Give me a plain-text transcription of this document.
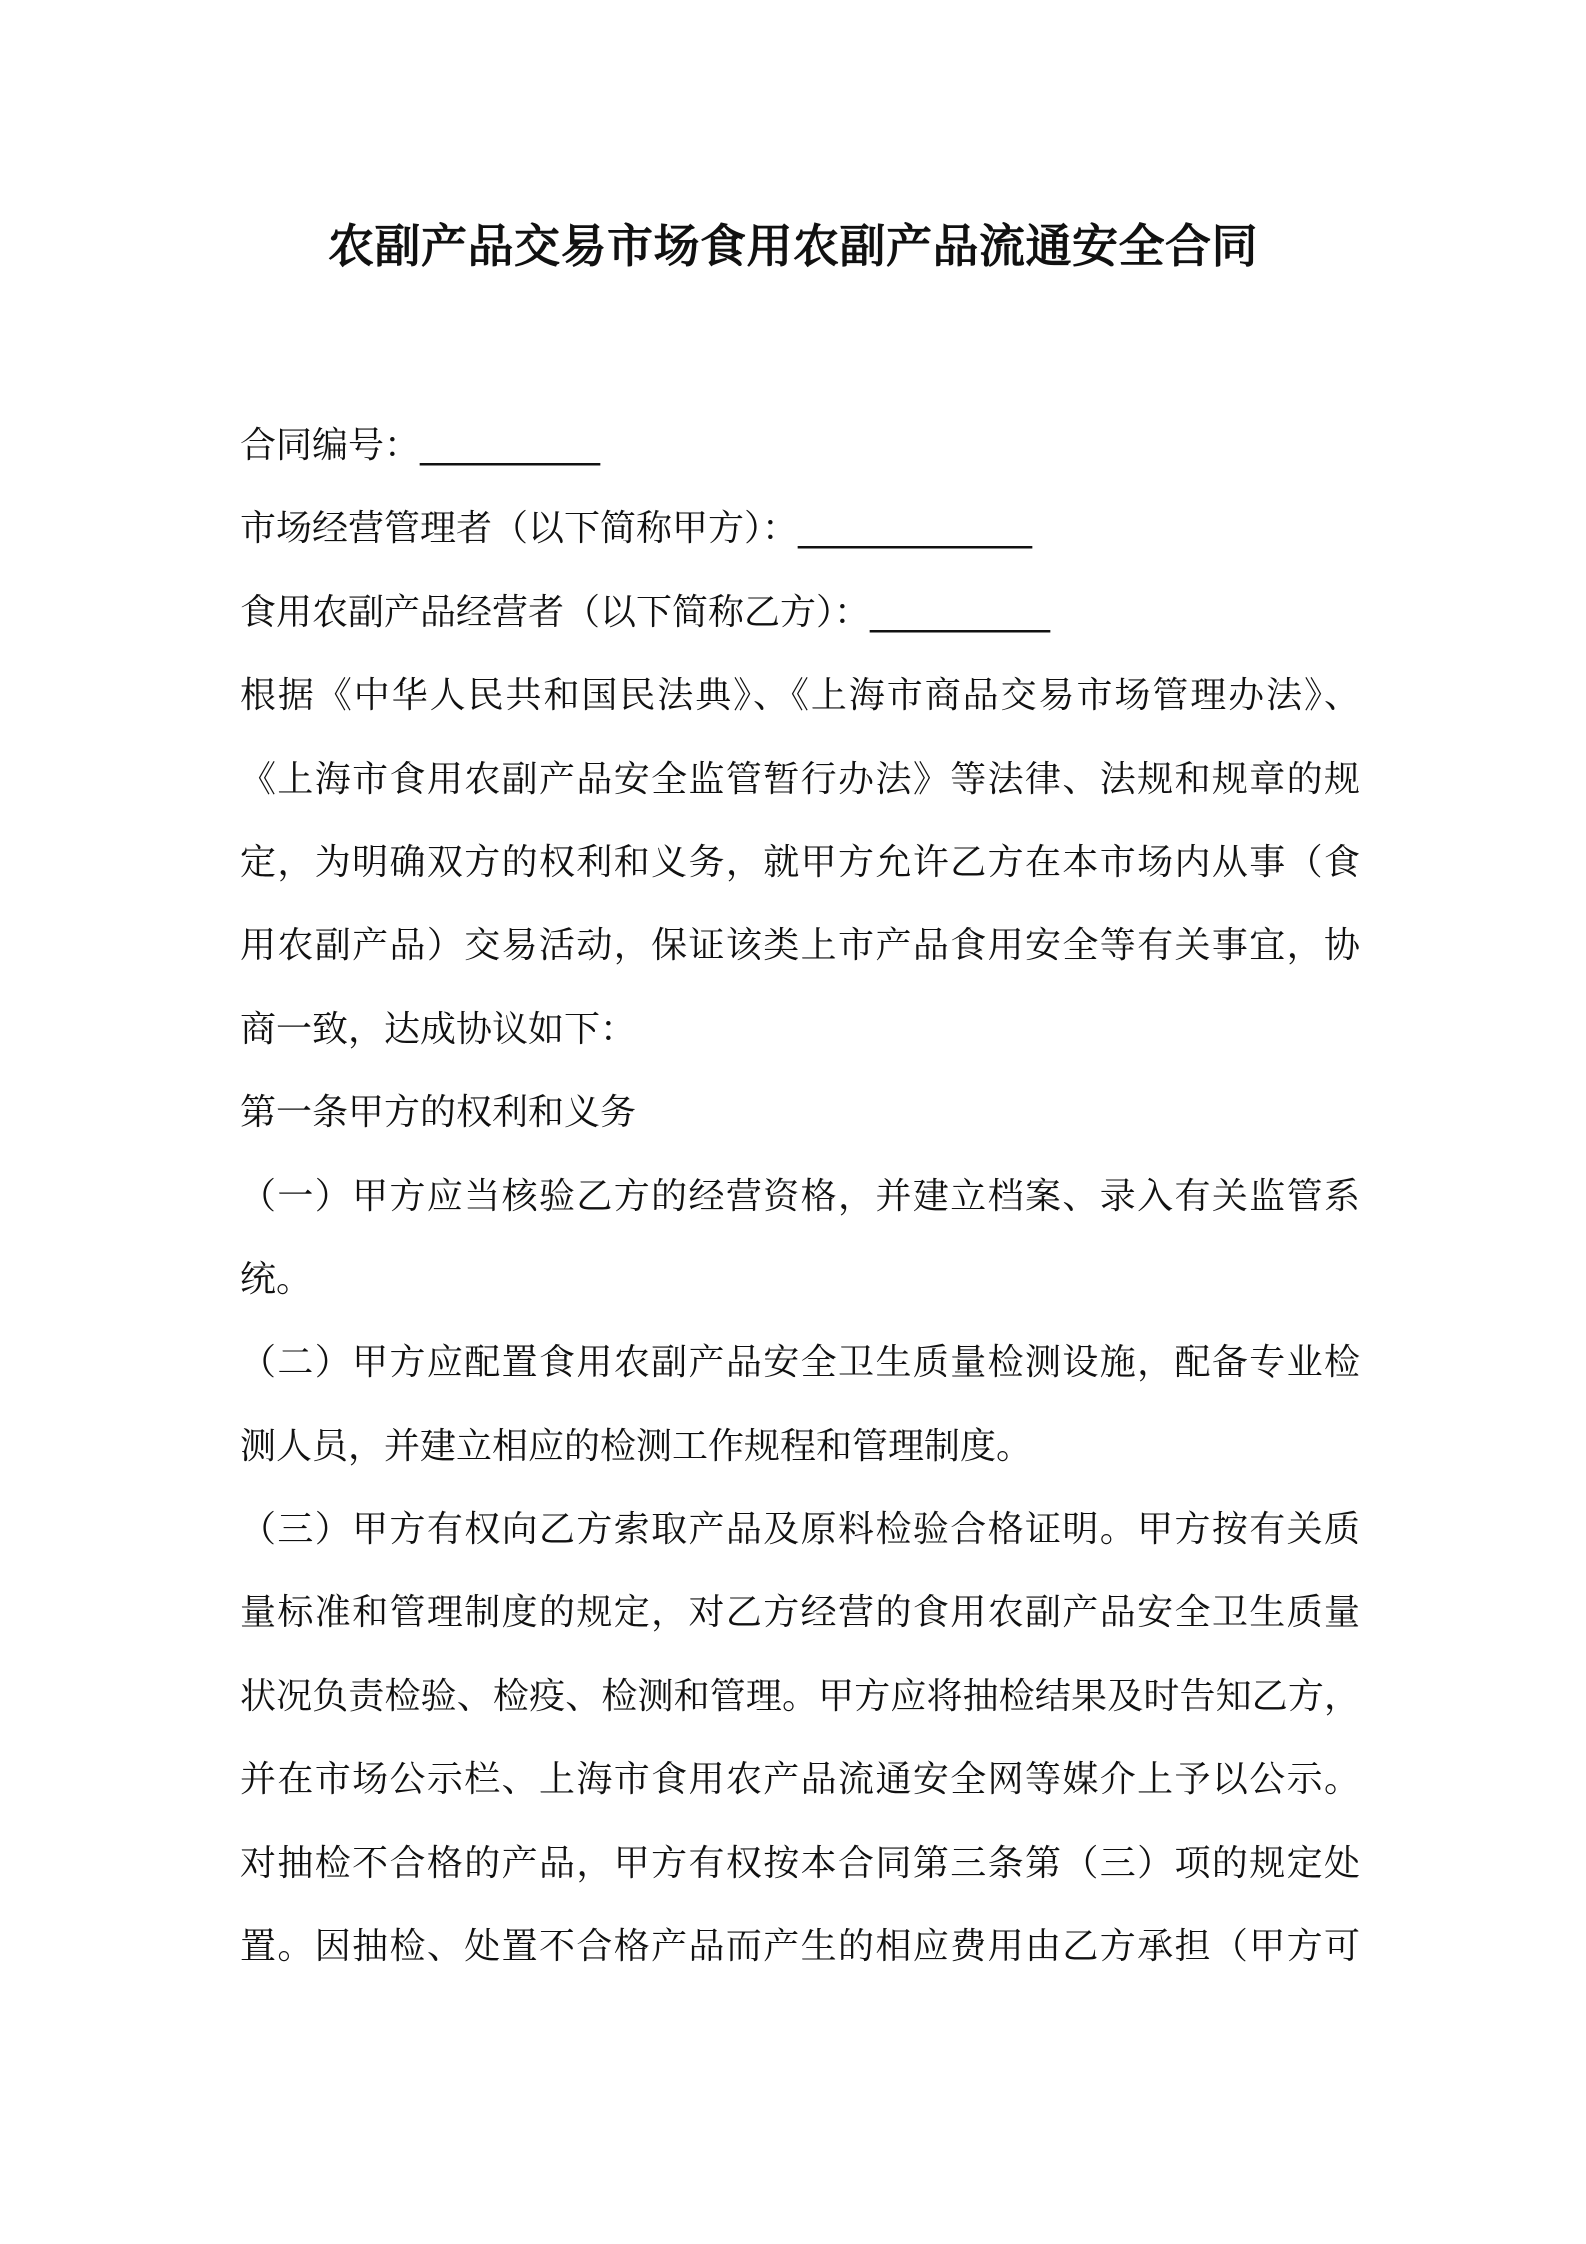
农副产品交易市场食用农副产品流通安全合同
合同编号：__________
市场经营管理者（以下简称甲方）：_____________
食用农副产品经营者（以下简称乙方）：__________
根据《中华人民共和国民法典》、《上海市商品交易市场管理办法》、
《上海市食用农副产品安全监管暂行办法》等法律、法规和规章的规
定，为明确双方的权利和义务，就甲方允许乙方在本市场内从事（食
用农副产品）交易活动，保证该类上市产品食用安全等有关事宜，协
商一致，达成协议如下：
第一条甲方的权利和义务
（一）甲方应当核验乙方的经营资格，并建立档案、录入有关监管系
统。
（二）甲方应配置食用农副产品安全卫生质量检测设施，配备专业检
测人员，并建立相应的检测工作规程和管理制度。
（三）甲方有权向乙方索取产品及原料检验合格证明。甲方按有关质
量标准和管理制度的规定，对乙方经营的食用农副产品安全卫生质量
状况负责检验、检疫、检测和管理。甲方应将抽检结果及时告知乙方，
并在市场公示栏、上海市食用农产品流通安全网等媒介上予以公示。
对抽检不合格的产品，甲方有权按本合同第三条第（三）项的规定处
置。因抽检、处置不合格产品而产生的相应费用由乙方承担（甲方可
